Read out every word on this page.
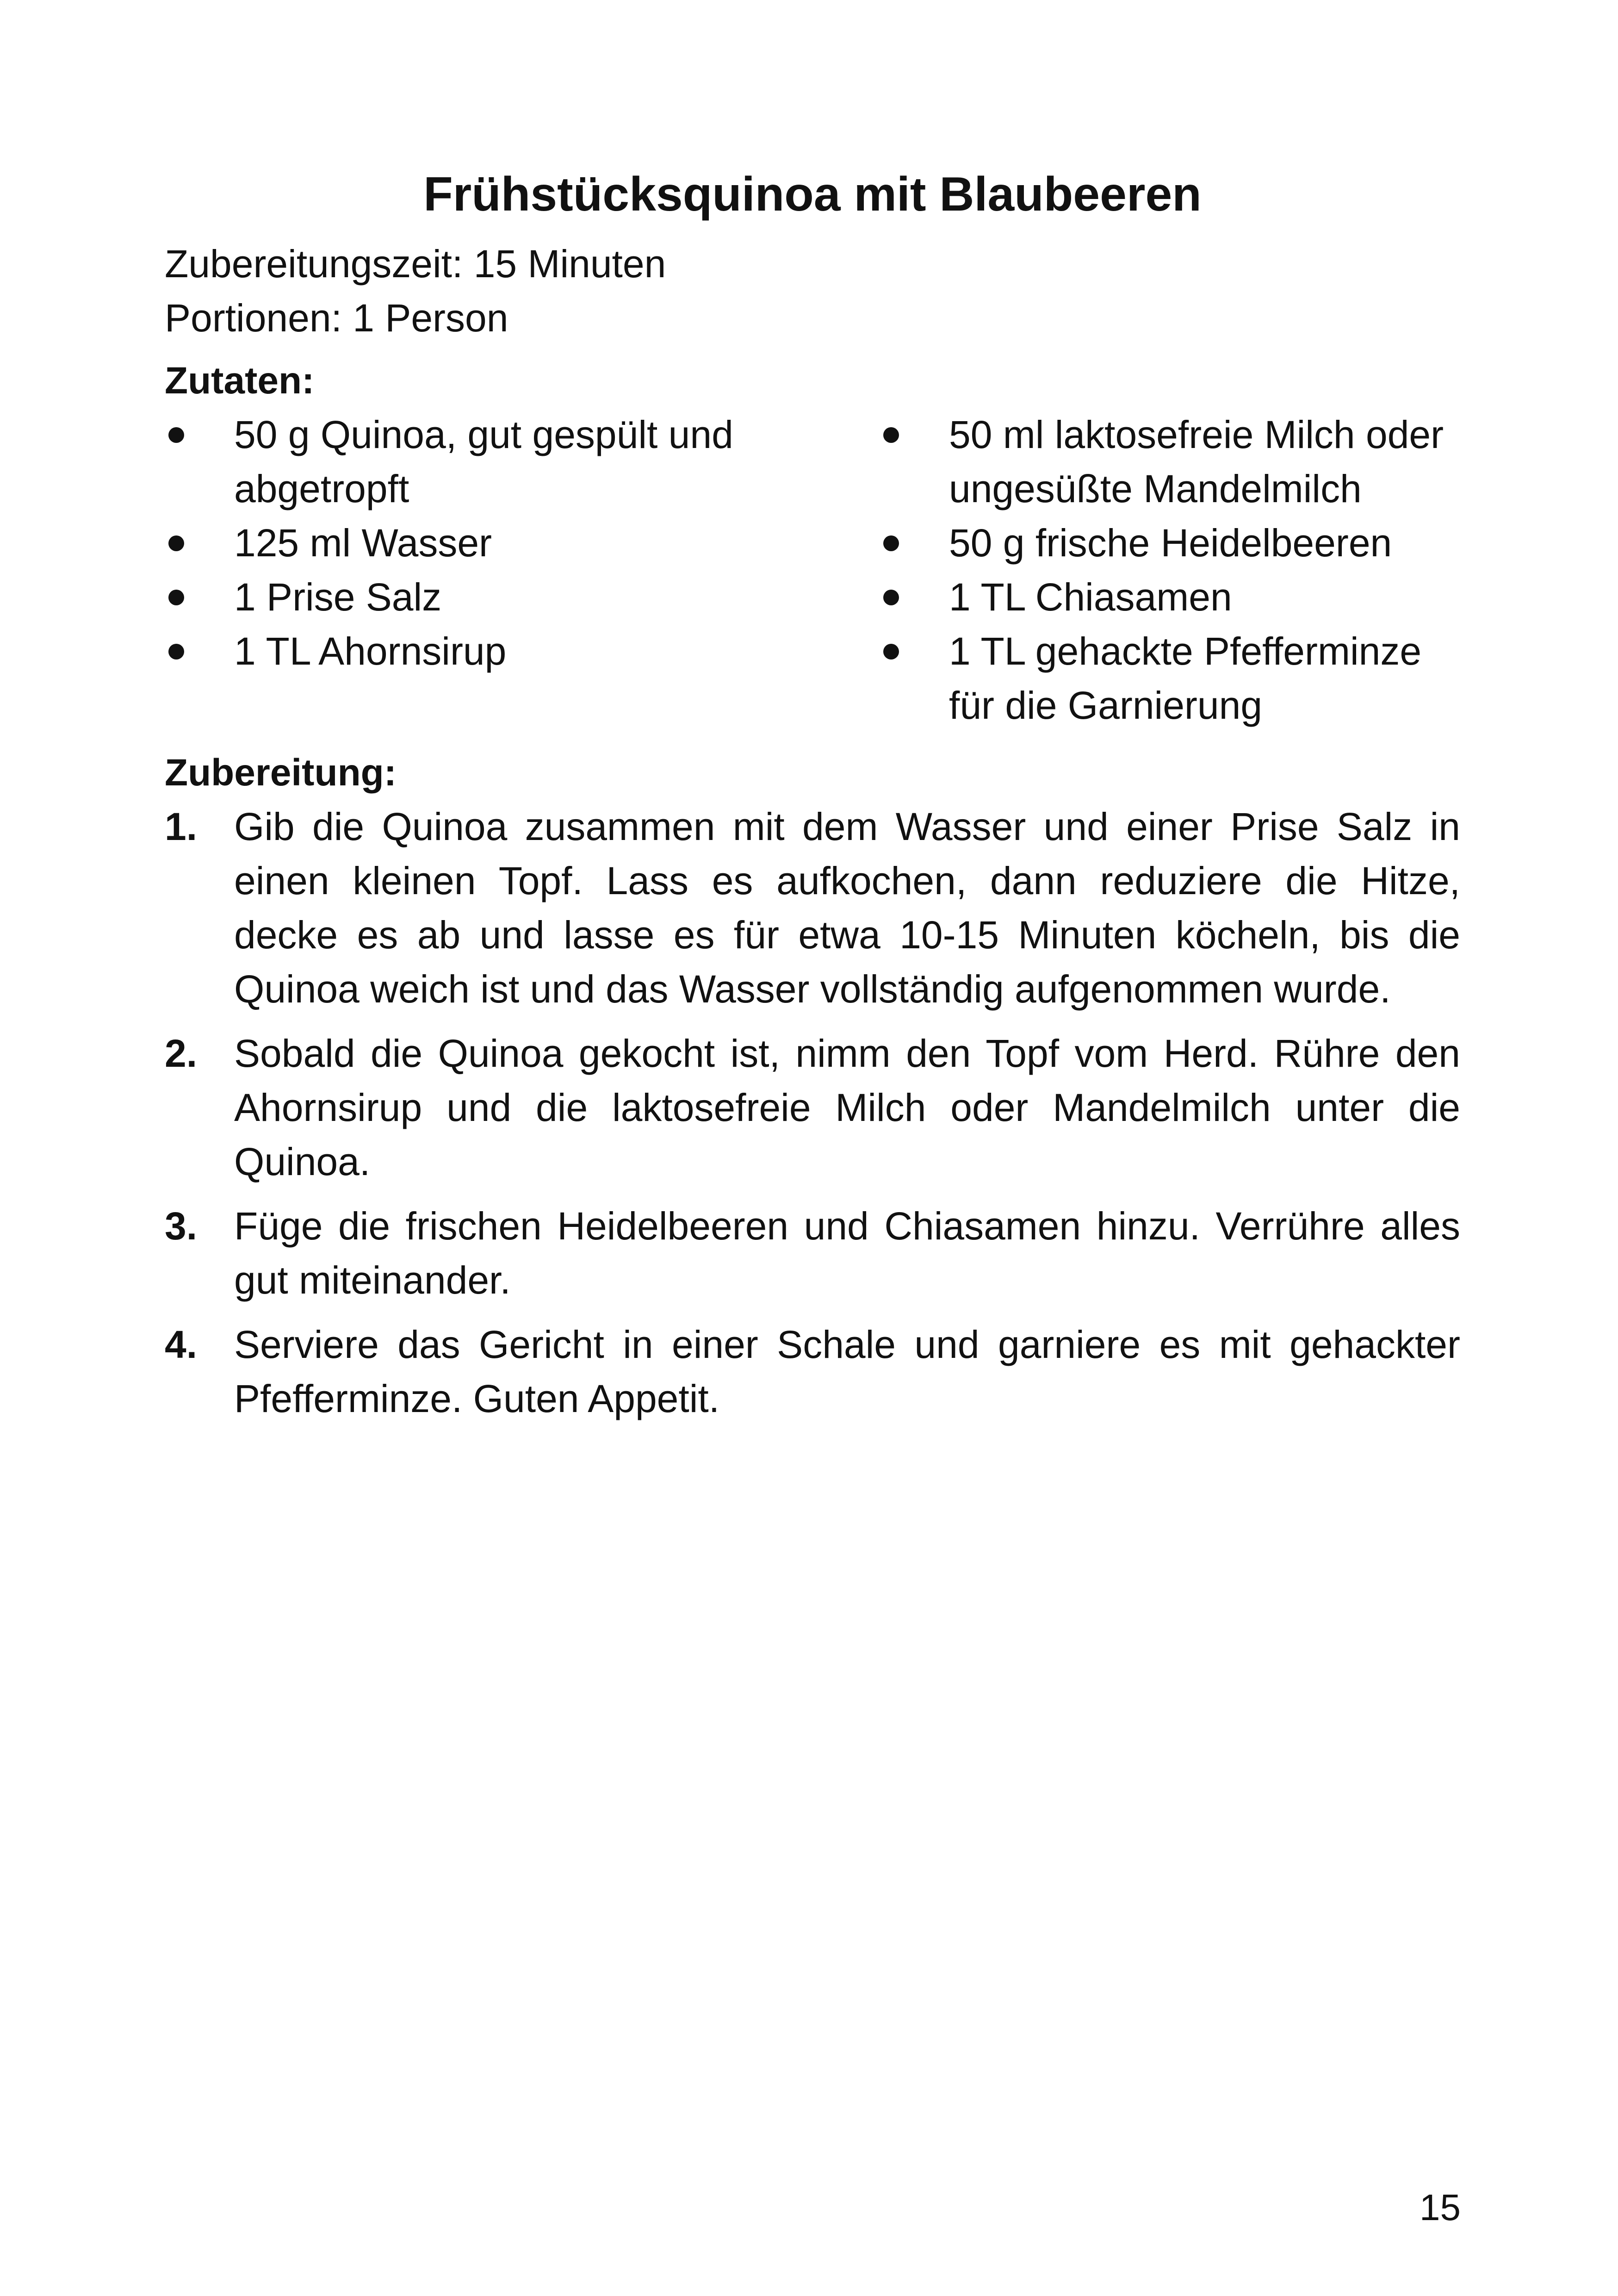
Frühstücksquinoa mit Blaubeeren
Zubereitungszeit: 15 Minuten
Portionen: 1 Person
Zutaten:
50 g Quinoa, gut gespült und abgetropft
125 ml Wasser
1 Prise Salz
1 TL Ahornsirup
50 ml laktosefreie Milch oder ungesüßte Mandelmilch
50 g frische Heidelbeeren
1 TL Chiasamen
1 TL gehackte Pfefferminze für die Garnierung
Zubereitung:
1. Gib die Quinoa zusammen mit dem Wasser und einer Prise Salz in einen kleinen Topf. Lass es aufkochen, dann reduziere die Hitze, decke es ab und lasse es für etwa 10-15 Minuten köcheln, bis die Quinoa weich ist und das Wasser vollständig aufgenommen wurde.
2. Sobald die Quinoa gekocht ist, nimm den Topf vom Herd. Rühre den Ahornsirup und die laktosefreie Milch oder Mandelmilch unter die Quinoa.
3. Füge die frischen Heidelbeeren und Chiasamen hinzu. Verrühre alles gut miteinander.
4. Serviere das Gericht in einer Schale und garniere es mit gehackter Pfefferminze. Guten Appetit.
15
